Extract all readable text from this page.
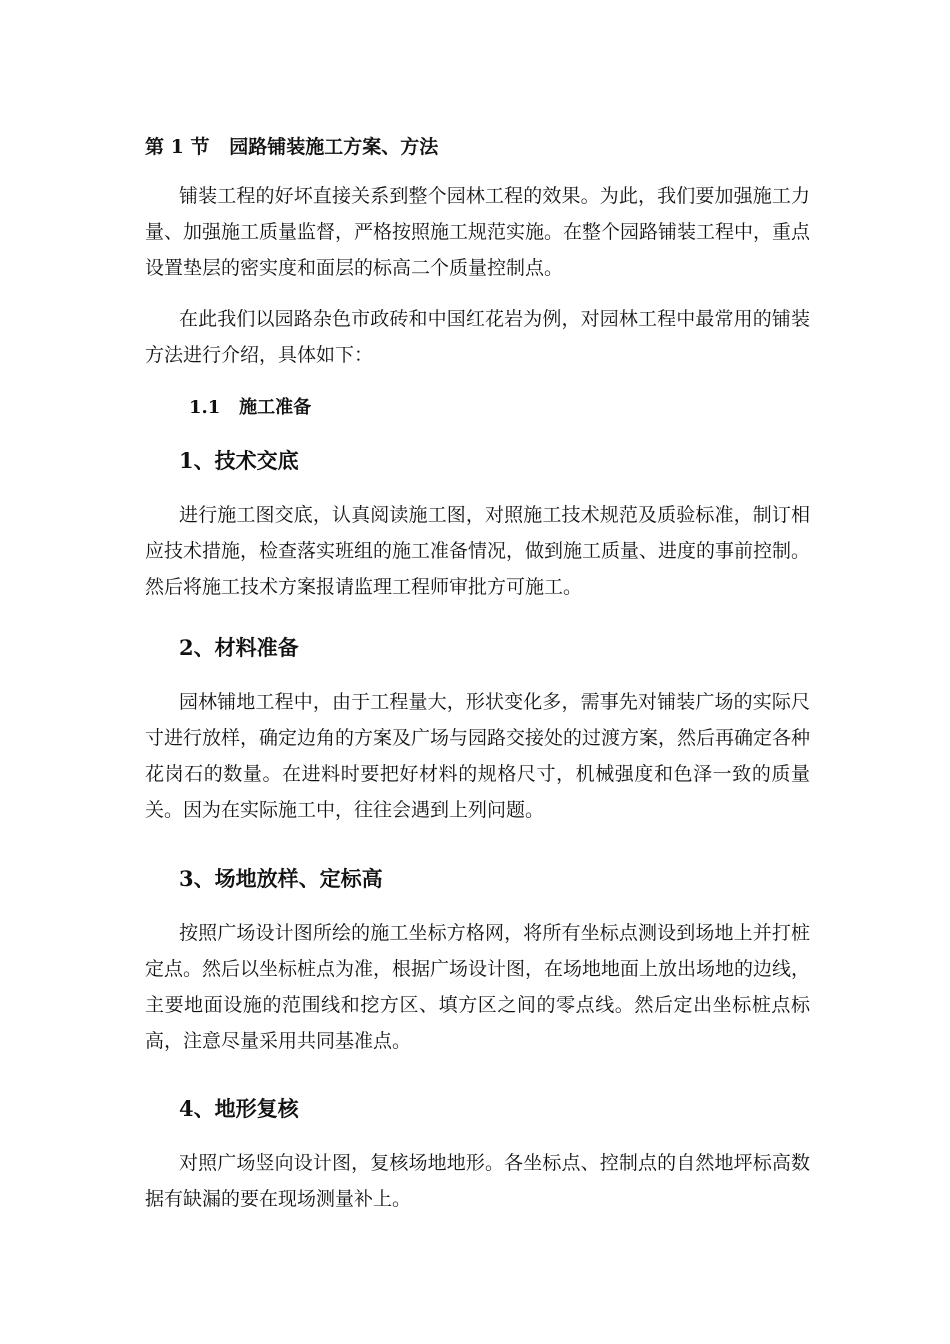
第 1 节   园路铺装施工方案、方法

铺装工程的好坏直接关系到整个园林工程的效果。为此，我们要加强施工力量、加强施工质量监督，严格按照施工规范实施。在整个园路铺装工程中，重点设置垫层的密实度和面层的标高二个质量控制点。

在此我们以园路杂色市政砖和中国红花岩为例，对园林工程中最常用的铺装方法进行介绍，具体如下：

1.1   施工准备

1、技术交底

进行施工图交底，认真阅读施工图，对照施工技术规范及质验标准，制订相应技术措施，检查落实班组的施工准备情况，做到施工质量、进度的事前控制。然后将施工技术方案报请监理工程师审批方可施工。

2、材料准备

园林铺地工程中，由于工程量大，形状变化多，需事先对铺装广场的实际尺寸进行放样，确定边角的方案及广场与园路交接处的过渡方案，然后再确定各种花岗石的数量。在进料时要把好材料的规格尺寸，机械强度和色泽一致的质量关。因为在实际施工中，往往会遇到上列问题。

3、场地放样、定标高

按照广场设计图所绘的施工坐标方格网，将所有坐标点测设到场地上并打桩定点。然后以坐标桩点为准，根据广场设计图，在场地地面上放出场地的边线，主要地面设施的范围线和挖方区、填方区之间的零点线。然后定出坐标桩点标高，注意尽量采用共同基准点。

4、地形复核

对照广场竖向设计图，复核场地地形。各坐标点、控制点的自然地坪标高数据有缺漏的要在现场测量补上。
